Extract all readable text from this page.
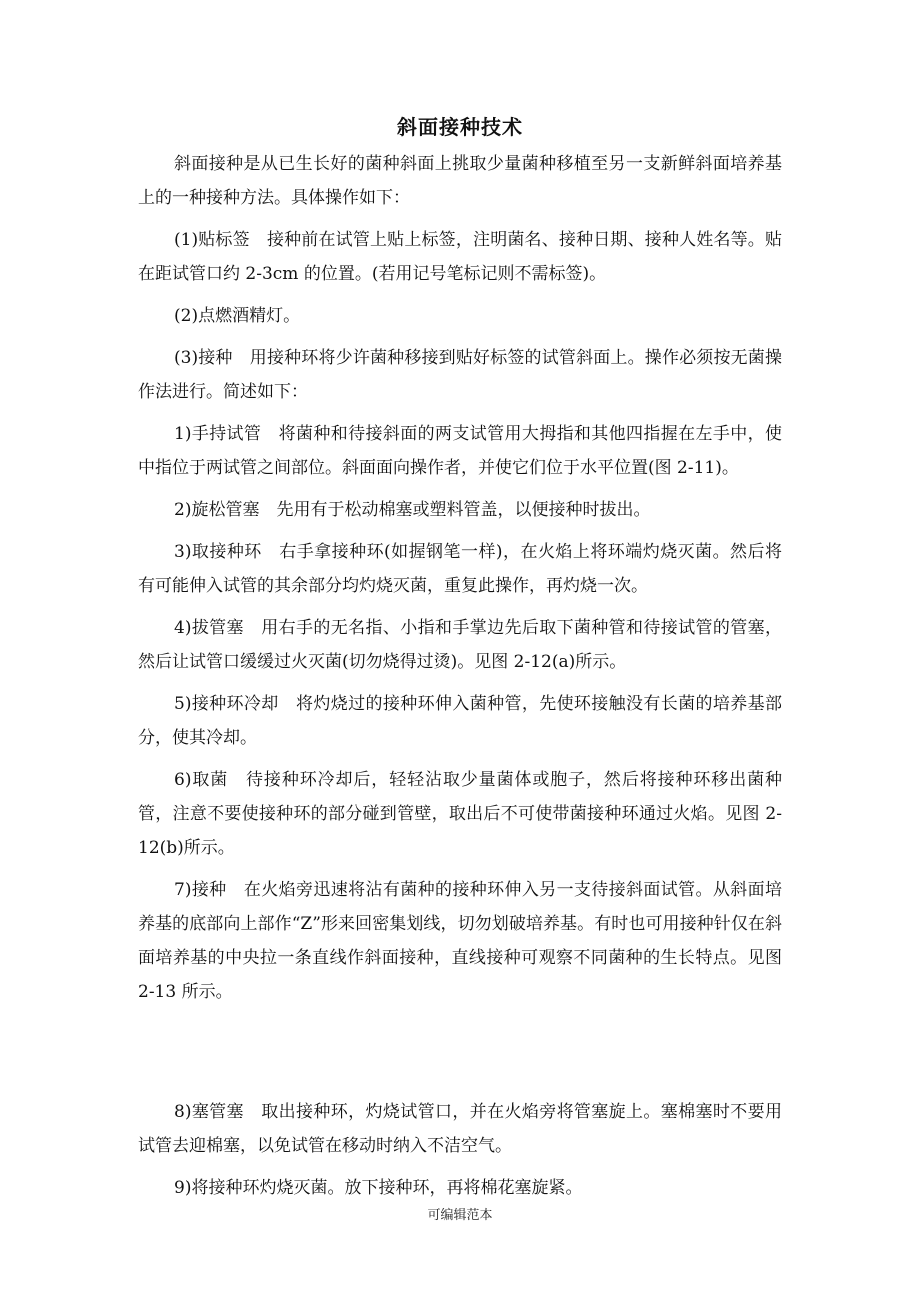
斜面接种技术

斜面接种是从已生长好的菌种斜面上挑取少量菌种移植至另一支新鲜斜面培养基上的一种接种方法。具体操作如下：

(1)贴标签　接种前在试管上贴上标签，注明菌名、接种日期、接种人姓名等。贴在距试管口约 2-3cm 的位置。(若用记号笔标记则不需标签)。

(2)点燃酒精灯。

(3)接种　用接种环将少许菌种移接到贴好标签的试管斜面上。操作必须按无菌操作法进行。简述如下：

1)手持试管　将菌种和待接斜面的两支试管用大拇指和其他四指握在左手中，使中指位于两试管之间部位。斜面面向操作者，并使它们位于水平位置(图 2-11)。

2)旋松管塞　先用有于松动棉塞或塑料管盖，以便接种时拔出。

3)取接种环　右手拿接种环(如握钢笔一样)，在火焰上将环端灼烧灭菌。然后将有可能伸入试管的其余部分均灼烧灭菌，重复此操作，再灼烧一次。

4)拔管塞　用右手的无名指、小指和手掌边先后取下菌种管和待接试管的管塞，然后让试管口缓缓过火灭菌(切勿烧得过烫)。见图 2-12(a)所示。

5)接种环冷却　将灼烧过的接种环伸入菌种管，先使环接触没有长菌的培养基部分，使其冷却。

6)取菌　待接种环冷却后，轻轻沾取少量菌体或胞子，然后将接种环移出菌种管，注意不要使接种环的部分碰到管壁，取出后不可使带菌接种环通过火焰。见图 2-12(b)所示。

7)接种　在火焰旁迅速将沾有菌种的接种环伸入另一支待接斜面试管。从斜面培养基的底部向上部作“Z”形来回密集划线，切勿划破培养基。有时也可用接种针仅在斜面培养基的中央拉一条直线作斜面接种，直线接种可观察不同菌种的生长特点。见图 2-13 所示。

8)塞管塞　取出接种环，灼烧试管口，并在火焰旁将管塞旋上。塞棉塞时不要用试管去迎棉塞，以免试管在移动时纳入不洁空气。

9)将接种环灼烧灭菌。放下接种环，再将棉花塞旋紧。

可编辑范本
